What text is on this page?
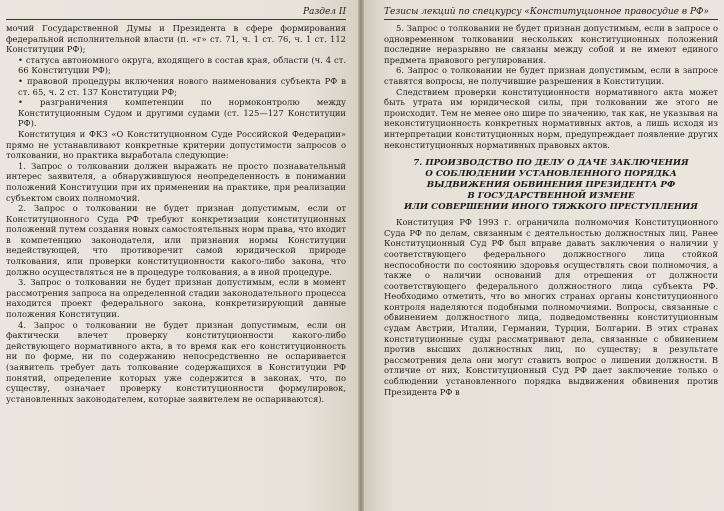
Раздел II

мочий Государственной Думы и Президента в сфере формирования федеральной исполнительной власти (п. «г» ст. 71, ч. 1 ст. 76, ч. 1 ст. 112 Конституции РФ);

• статуса автономного округа, входящего в состав края, области (ч. 4 ст. 66 Конституции РФ);

• правовой процедуры включения нового наименования субъекта РФ в ст. 65, ч. 2 ст. 137 Конституции РФ;

• разграничения компетенции по нормоконтролю между Конституционным Судом и другими судами (ст. 125—127 Конституции РФ).

Конституция и ФКЗ «О Конституционном Суде Российской Федерации» прямо не устанавливают конкретные критерии допустимости запросов о толковании, но практика выработала следующие:

1. Запрос о толковании должен выражать не просто познавательный интерес заявителя, а обнаружившуюся неопределенность в понимании положений Конституции при их применении на практике, при реализации субъектом своих полномочий.

2. Запрос о толковании не будет признан допустимым, если от Конституционного Суда РФ требуют конкретизации конституционных положений путем создания новых самостоятельных норм права, что входит в компетенцию законодателя, или признания нормы Конституции недействующей, что противоречит самой юридической природе толкования, или проверки конституционности какого-либо закона, что должно осуществляться не в процедуре толкования, а в иной процедуре.

3. Запрос о толковании не будет признан допустимым, если в момент рассмотрения запроса на определенной стадии законодательного процесса находится проект федерального закона, конкретизирующий данные положения Конституции.

4. Запрос о толковании не будет признан допустимым, если он фактически влечет проверку конституционности какого-либо действующего нормативного акта, в то время как его конституционность ни по форме, ни по содержанию непосредственно не оспаривается (заявитель требует дать толкование содержащихся в Конституции РФ понятий, определение которых уже содержится в законах, что, по существу, означает проверку конституционности формулировок, установленных законодателем, которые заявителем не оспариваются).

Тезисы лекций по спецкурсу «Конституционное правосудие в РФ»

5. Запрос о толковании не будет признан допустимым, если в запросе о одновременном толковании нескольких конституционных положений последние неразрывно не связаны между собой и не имеют единого предмета правового регулирования.

6. Запрос о толковании не будет признан допустимым, если в запросе ставятся вопросы, не получившие разрешения в Конституции.

Следствием проверки конституционности нормативного акта может быть утрата им юридической силы, при толковании же этого не происходит. Тем не менее оно шире по значению, так как, не указывая на неконституционность конкретных нормативных актов, а лишь исходя из интерпретации конституционных норм, предупреждает появление других неконституционных нормативных правовых актов.

7. ПРОИЗВОДСТВО ПО ДЕЛУ О ДАЧЕ ЗАКЛЮЧЕНИЯ
О СОБЛЮДЕНИИ УСТАНОВЛЕННОГО ПОРЯДКА
ВЫДВИЖЕНИЯ ОБВИНЕНИЯ ПРЕЗИДЕНТА РФ
В ГОСУДАРСТВЕННОЙ ИЗМЕНЕ
ИЛИ СОВЕРШЕНИИ ИНОГО ТЯЖКОГО ПРЕСТУПЛЕНИЯ

Конституция РФ 1993 г. ограничила полномочия Конституционного Суда РФ по делам, связанным с деятельностью должностных лиц. Ранее Конституционный Суд РФ был вправе давать заключения о наличии у соответствующего федерального должностного лица стойкой неспособности по состоянию здоровья осуществлять свои полномочия, а также о наличии оснований для отрешения от должности соответствующего федерального должностного лица субъекта РФ. Необходимо отметить, что во многих странах органы конституционного контроля наделяются подобными полномочиями. Вопросы, связанные с обвинением должностного лица, подведомственны конституционным судам Австрии, Италии, Германии, Турции, Болгарии. В этих странах конституционные суды рассматривают дела, связанные с обвинением против высших должностных лиц, по существу; в результате рассмотрения дела они могут ставить вопрос о лишении должности. В отличие от них, Конституционный Суд РФ дает заключение только о соблюдении установленного порядка выдвижения обвинения против Президента РФ в
